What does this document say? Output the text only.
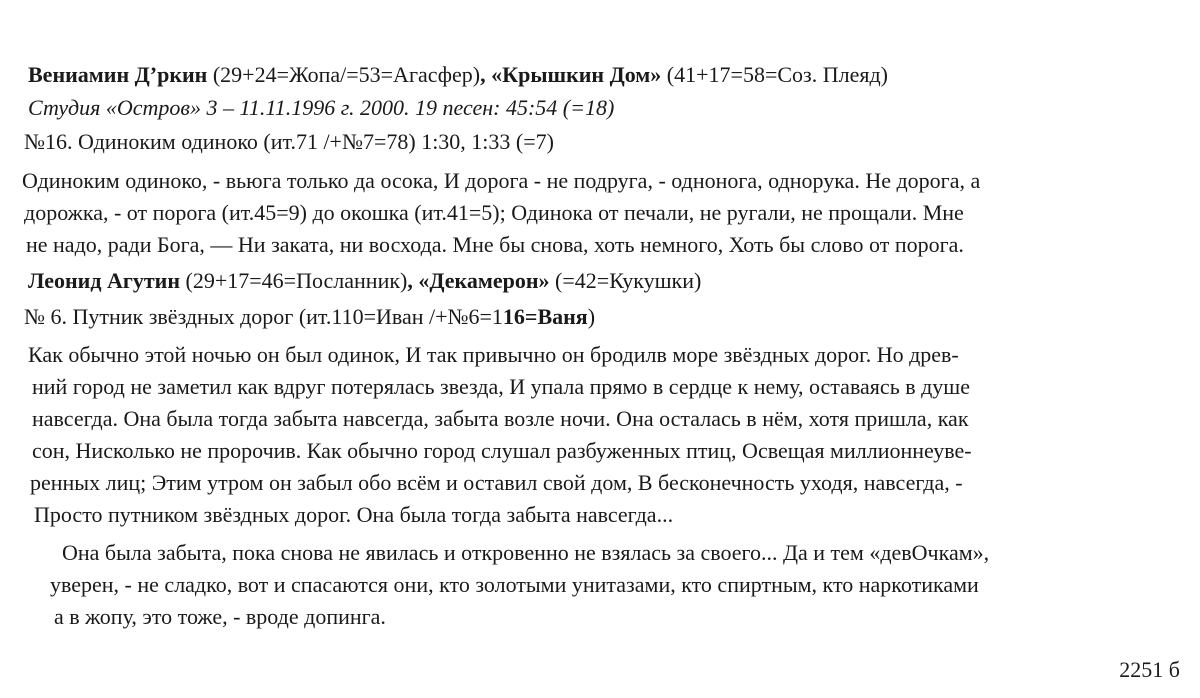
Вениамин Д’ркин (29+24=Жопа/=53=Агасфер), «Крышкин Дом» (41+17=58=Соз. Плеяд)
Студия «Остров» 3 – 11.11.1996 г. 2000. 19 песен: 45:54 (=18)
№16. Одиноким одиноко (ит.71 /+№7=78) 1:30, 1:33 (=7)
Одиноким одиноко, - вьюга только да осока, И дорога - не подруга, - однонога, однорука. Не дорога, а
дорожка, - от порога (ит.45=9) до окошка (ит.41=5); Одинока от печали, не ругали, не прощали. Мне
не надо, ради Бога, — Ни заката, ни восхода. Мне бы снова, хоть немного, Хоть бы слово от порога.
Леонид Агутин (29+17=46=Посланник), «Декамерон» (=42=Кукушки)
№ 6. Путник звёздных дорог (ит.110=Иван /+№6=116=Ваня)
Как обычно этой ночью он был одинок, И так привычно он бродилв море звёздных дорог. Но древ-
ний город не заметил как вдруг потерялась звезда, И упала прямо в сердце к нему, оставаясь в душе
навсегда. Она была тогда забыта навсегда, забыта возле ночи. Она осталась в нём, хотя пришла, как
сон, Нисколько не пророчив. Как обычно город слушал разбуженных птиц, Освещая миллионнеуве-
ренных лиц; Этим утром он забыл обо всём и оставил свой дом, В бесконечность уходя, навсегда, -
Просто путником звёздных дорог. Она была тогда забыта навсегда...
Она была забыта, пока снова не явилась и откровенно не взялась за своего... Да и тем «девОчкам»,
уверен, - не сладко, вот и спасаются они, кто золотыми унитазами, кто спиртным, кто наркотиками
а в жопу, это тоже, - вроде допинга.
2251 б
